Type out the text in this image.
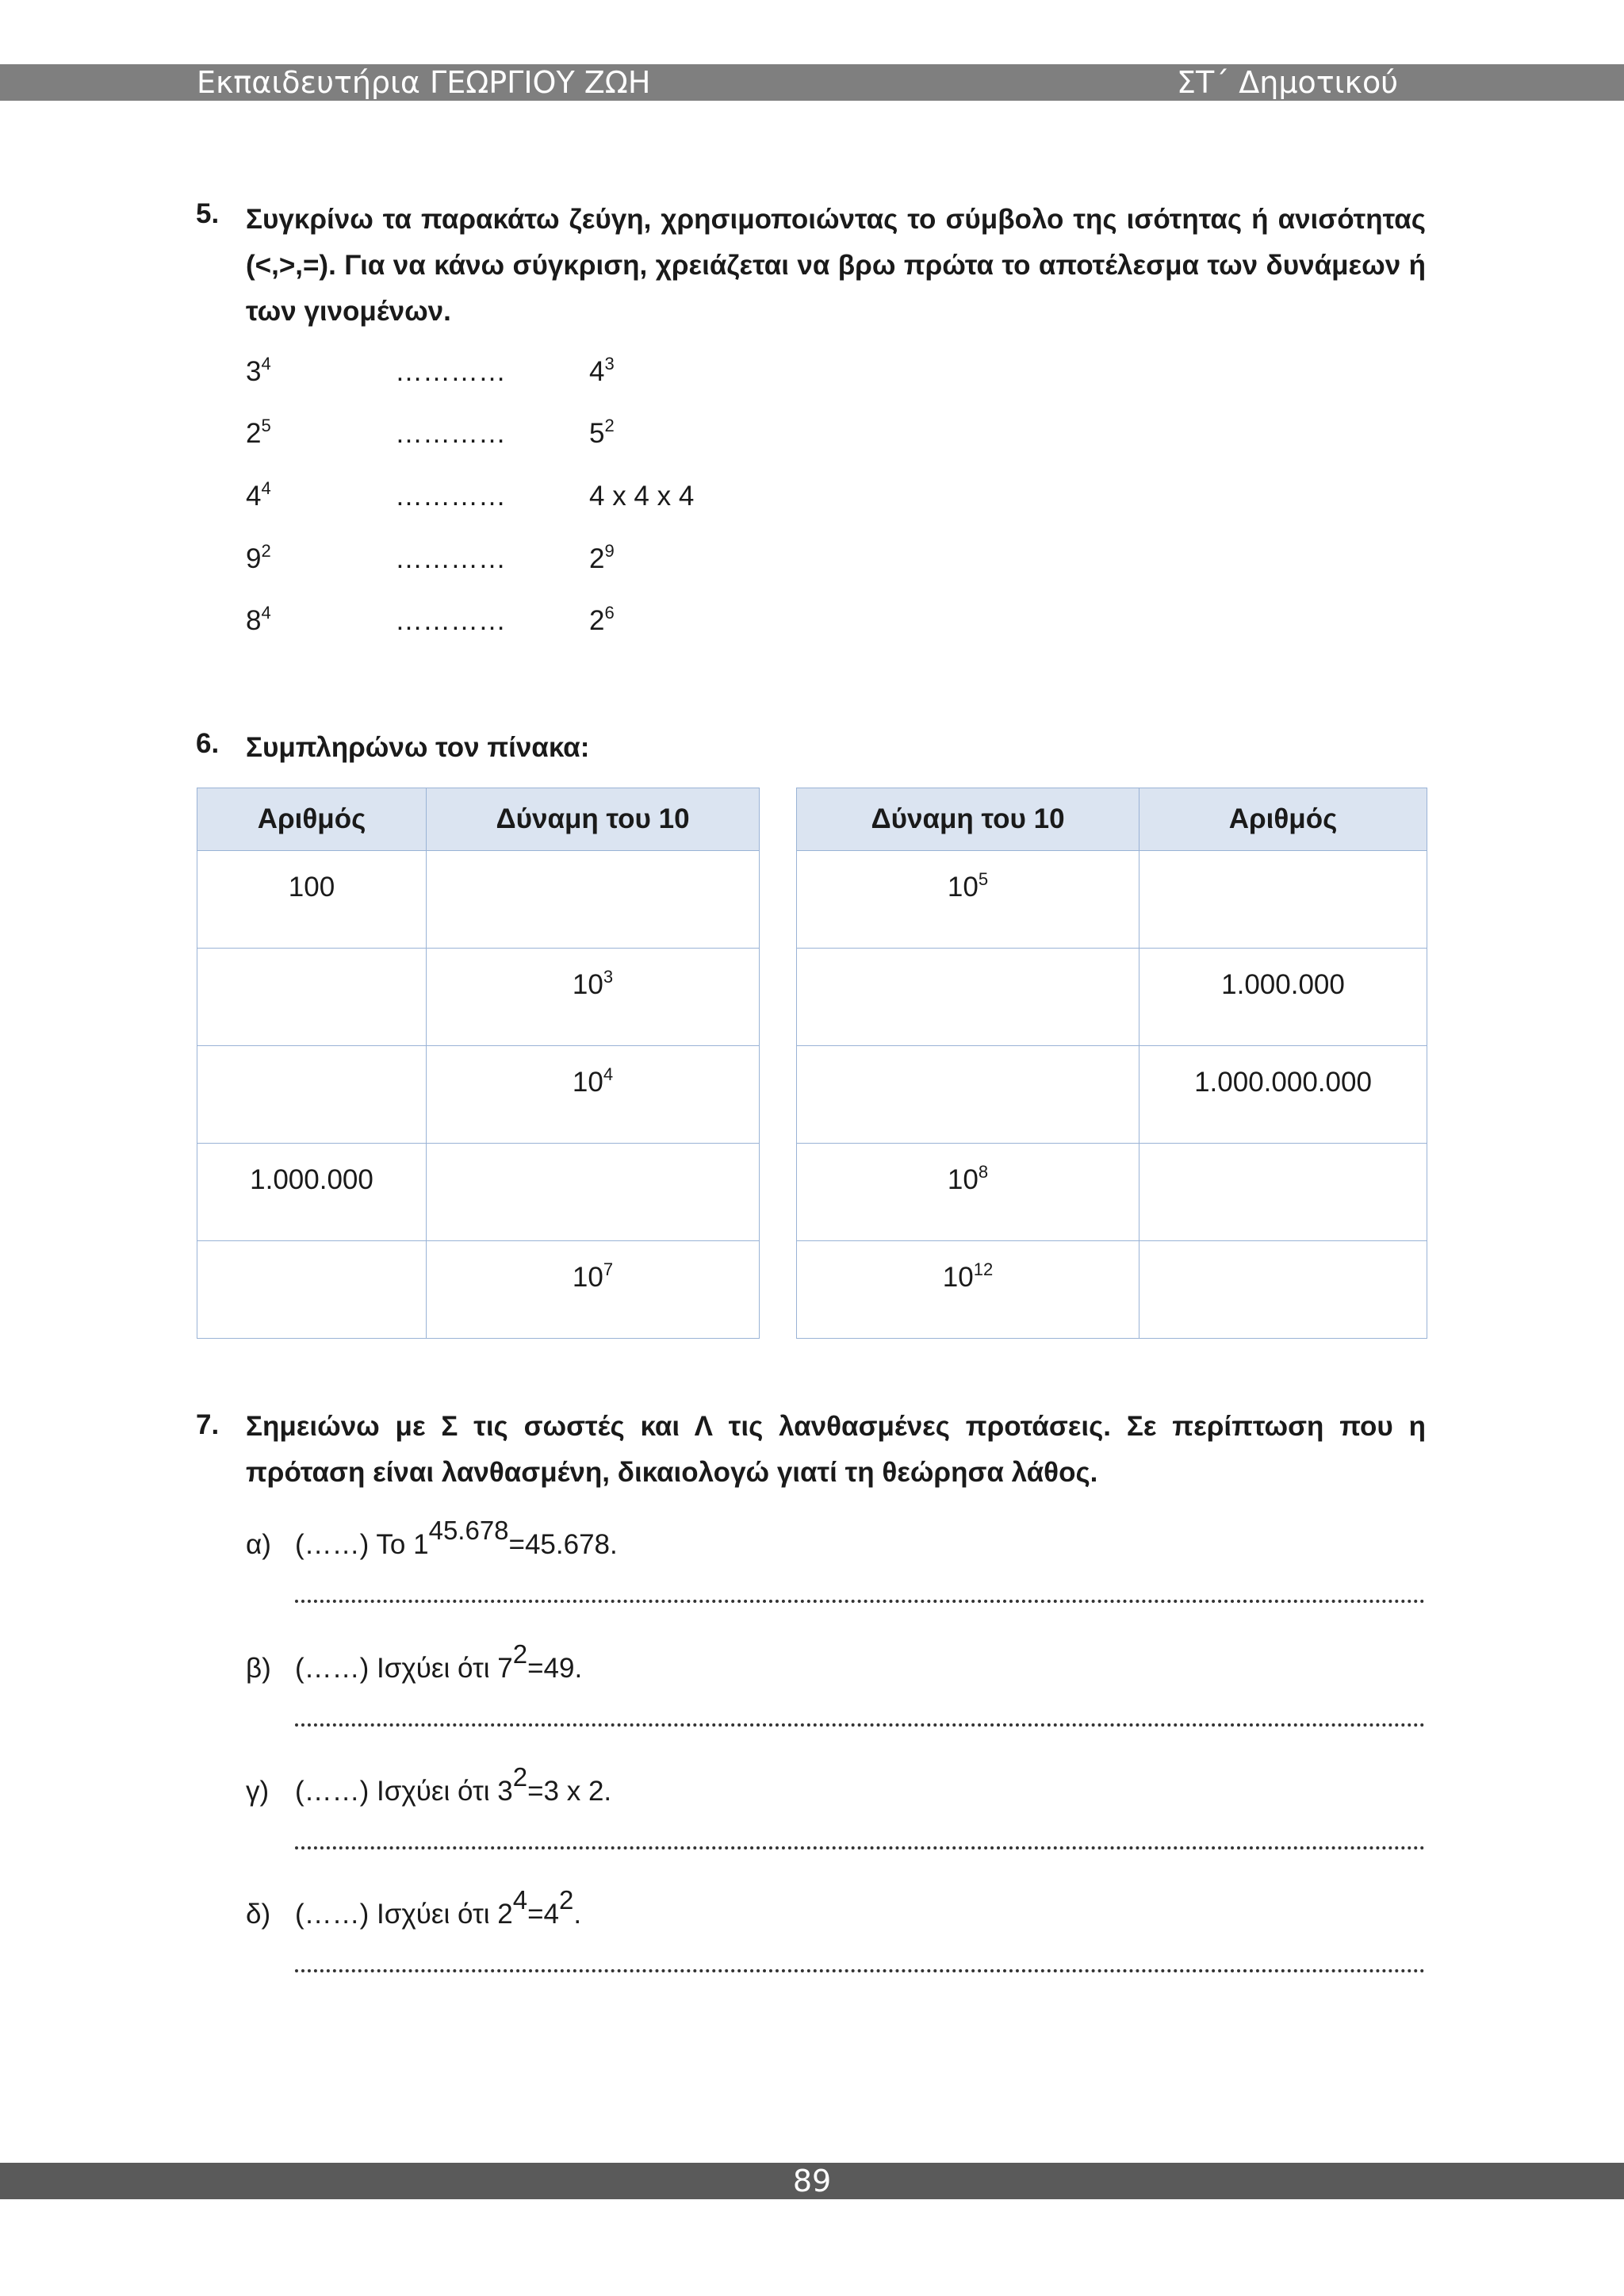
Εκπαιδευτήρια ΓΕΩΡΓΙΟΥ ΖΩΗ	ΣΤ΄ Δημοτικού
5. Συγκρίνω τα παρακάτω ζεύγη, χρησιμοποιώντας το σύμβολο της ισότητας ή ανισότητας (<,>,=). Για να κάνω σύγκριση, χρειάζεται να βρω πρώτα το αποτέλεσμα των δυνάμεων ή των γινομένων.
$3^4$	…………	$4^3$
$2^5$	…………	$5^2$
$4^4$	…………	4 x 4 x 4
$9^2$	…………	$2^9$
$8^4$	…………	$2^6$
6. Συμπληρώνω τον πίνακα:
Αριθμός	Δύναμη του 10
100	
	$10^3$
	$10^4$
1.000.000	
	$10^7$
Δύναμη του 10	Αριθμός
$10^5$	
	1.000.000
	1.000.000.000
$10^8$	
$10^{12}$	
7. Σημειώνω με Σ τις σωστές και Λ τις λανθασμένες προτάσεις. Σε περίπτωση που η πρόταση είναι λανθασμένη, δικαιολογώ γιατί τη θεώρησα λάθος.
α) (……) Το $1^{45.678}=45.678$.
β) (……) Ισχύει ότι $7^2=49$.
γ) (……) Ισχύει ότι $3^2=3$ x 2.
δ) (……) Ισχύει ότι $2^4=4^2$.
89
